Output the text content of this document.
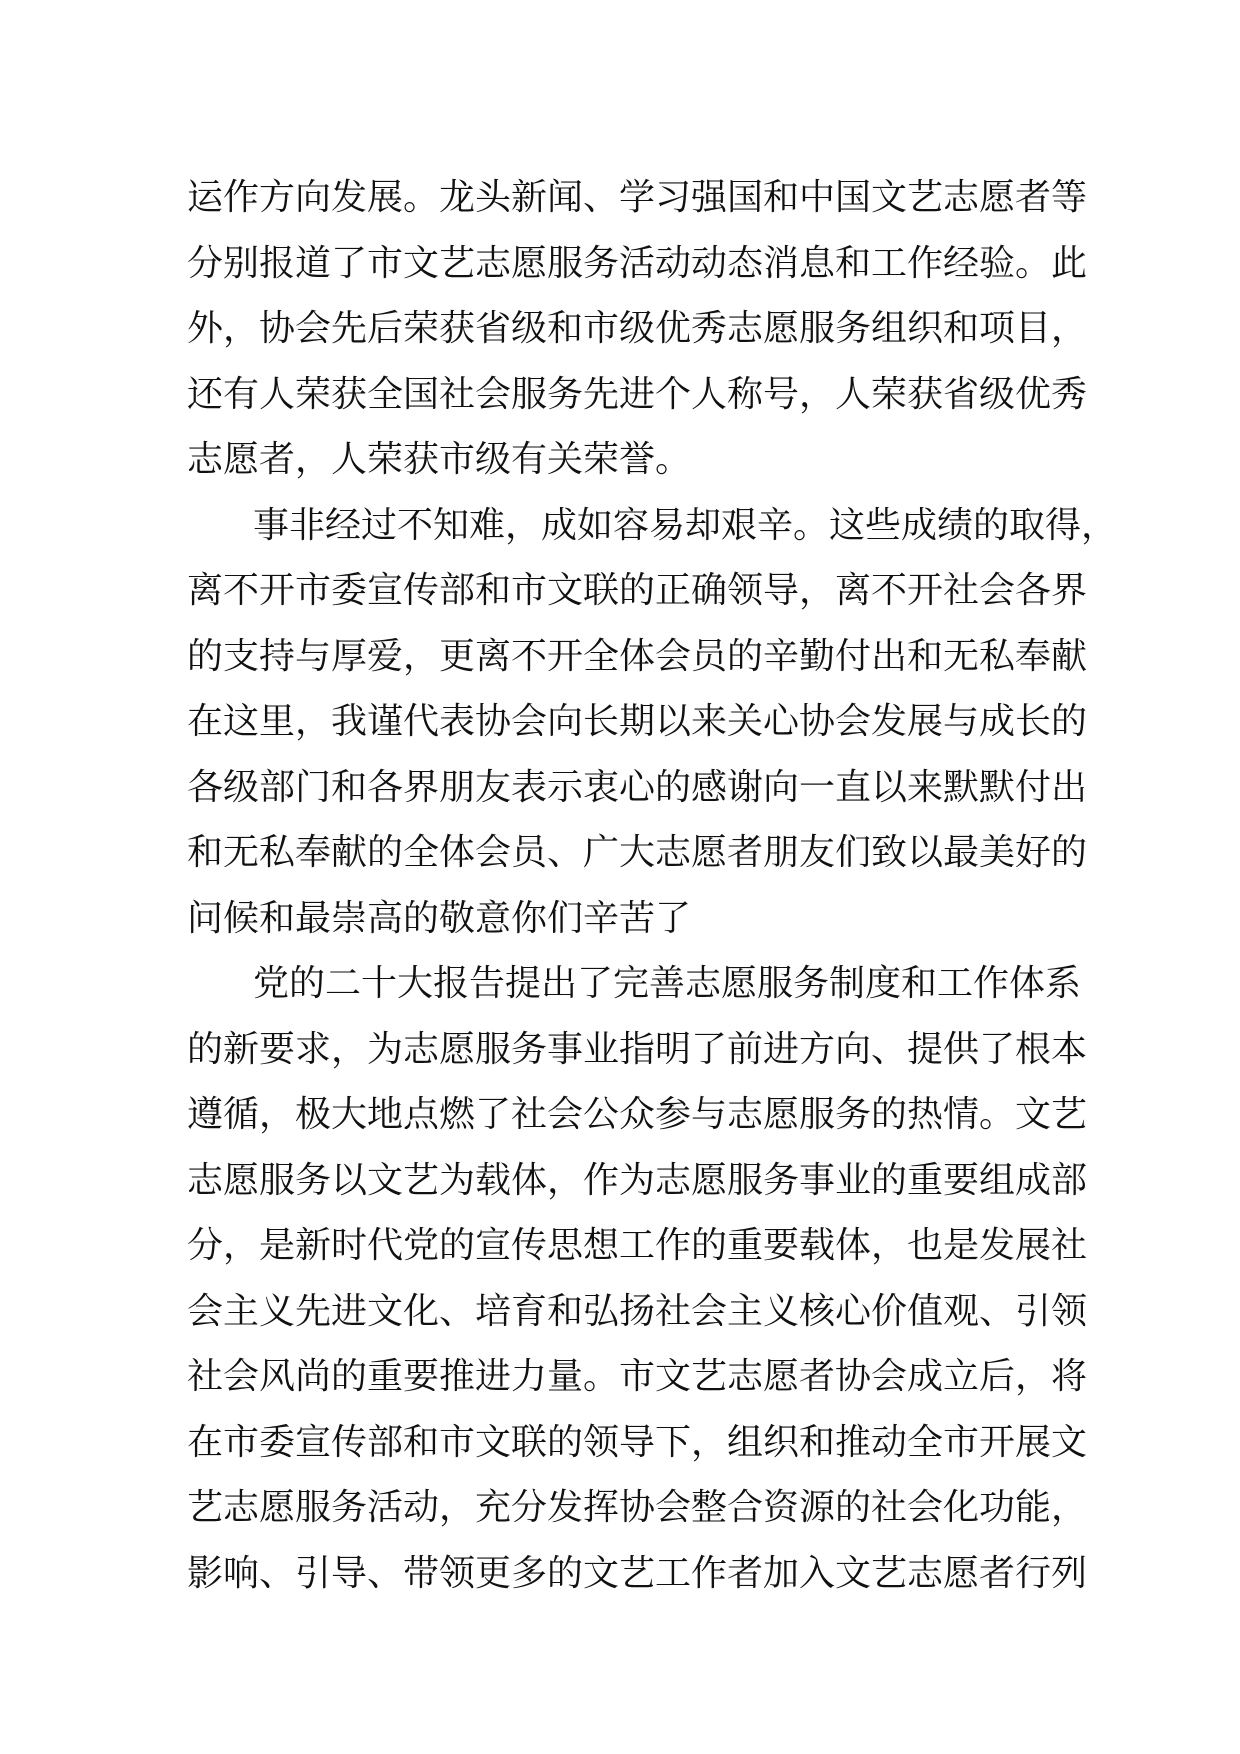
运作方向发展。龙头新闻、学习强国和中国文艺志愿者等
分别报道了市文艺志愿服务活动动态消息和工作经验。此
外，协会先后荣获省级和市级优秀志愿服务组织和项目，
还有人荣获全国社会服务先进个人称号，人荣获省级优秀
志愿者，人荣获市级有关荣誉。
事非经过不知难，成如容易却艰辛。这些成绩的取得，
离不开市委宣传部和市文联的正确领导，离不开社会各界
的支持与厚爱，更离不开全体会员的辛勤付出和无私奉献
在这里，我谨代表协会向长期以来关心协会发展与成长的
各级部门和各界朋友表示衷心的感谢向一直以来默默付出
和无私奉献的全体会员、广大志愿者朋友们致以最美好的
问候和最崇高的敬意你们辛苦了
党的二十大报告提出了完善志愿服务制度和工作体系
的新要求，为志愿服务事业指明了前进方向、提供了根本
遵循，极大地点燃了社会公众参与志愿服务的热情。文艺
志愿服务以文艺为载体，作为志愿服务事业的重要组成部
分，是新时代党的宣传思想工作的重要载体，也是发展社
会主义先进文化、培育和弘扬社会主义核心价值观、引领
社会风尚的重要推进力量。市文艺志愿者协会成立后，将
在市委宣传部和市文联的领导下，组织和推动全市开展文
艺志愿服务活动，充分发挥协会整合资源的社会化功能，
影响、引导、带领更多的文艺工作者加入文艺志愿者行列
